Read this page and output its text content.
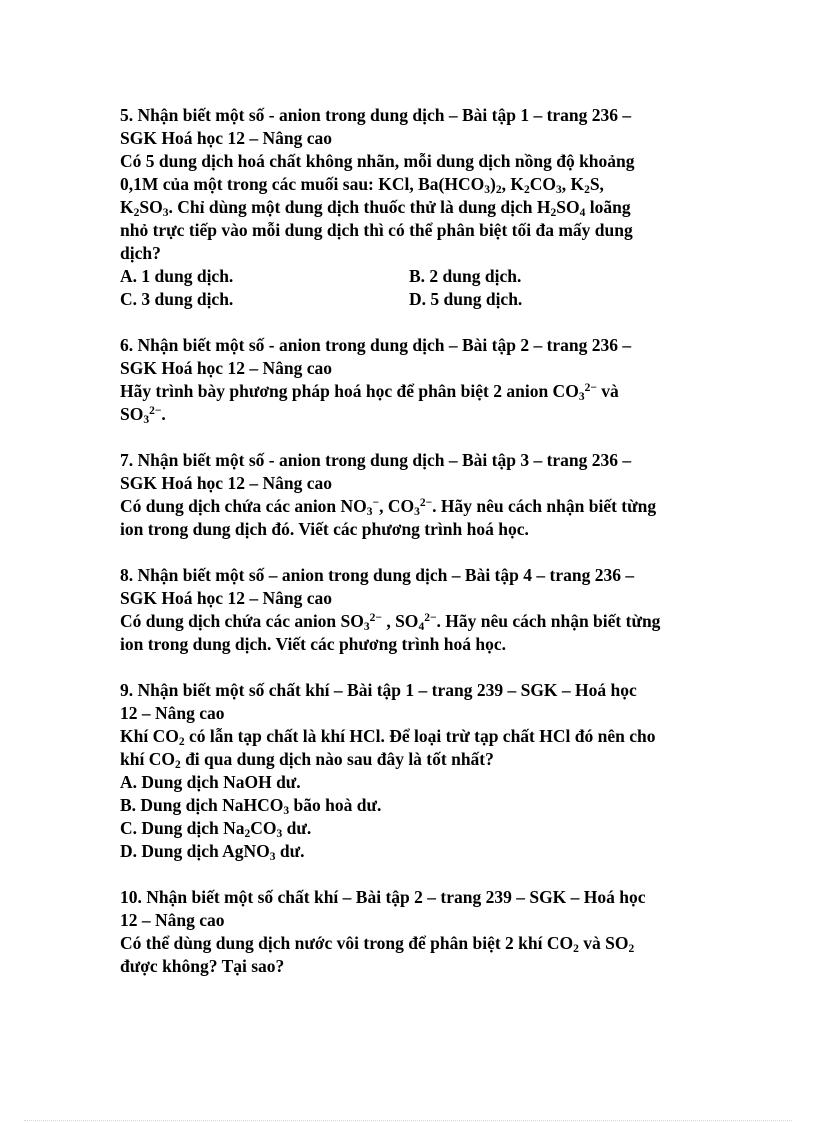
5. Nhận biết một số - anion trong dung dịch – Bài tập 1 – trang 236 –
SGK Hoá học 12 – Nâng cao

Có 5 dung dịch hoá chất không nhãn, mỗi dung dịch nồng độ khoảng
0,1M của một trong các muối sau: KCl, $Ba(HCO_3)_2$, $K_2CO_3$, $K_2S$,
$K_2SO_3$. Chỉ dùng một dung dịch thuốc thử là dung dịch $H_2SO_4$ loãng
nhỏ trực tiếp vào mỗi dung dịch thì có thể phân biệt tối đa mấy dung
dịch?

A. 1 dung dịch.	B. 2 dung dịch.
C. 3 dung dịch.	D. 5 dung dịch.

6. Nhận biết một số - anion trong dung dịch – Bài tập 2 – trang 236 –
SGK Hoá học 12 – Nâng cao

Hãy trình bày phương pháp hoá học để phân biệt 2 anion $CO_3^{2-}$ và
$SO_3^{2-}$.

7. Nhận biết một số - anion trong dung dịch – Bài tập 3 – trang 236 –
SGK Hoá học 12 – Nâng cao

Có dung dịch chứa các anion $NO_3^-$, $CO_3^{2-}$. Hãy nêu cách nhận biết từng
ion trong dung dịch đó. Viết các phương trình hoá học.

8. Nhận biết một số – anion trong dung dịch – Bài tập 4 – trang 236 –
SGK Hoá học 12 – Nâng cao

Có dung dịch chứa các anion $SO_3^{2-}$ , $SO_4^{2-}$. Hãy nêu cách nhận biết từng
ion trong dung dịch. Viết các phương trình hoá học.

9. Nhận biết một số chất khí – Bài tập 1 – trang 239 – SGK – Hoá học
12 – Nâng cao

Khí $CO_2$ có lẫn tạp chất là khí HCl. Để loại trừ tạp chất HCl đó nên cho
khí $CO_2$ đi qua dung dịch nào sau đây là tốt nhất?

A. Dung dịch NaOH dư.
B. Dung dịch NaHCO$_3$ bão hoà dư.
C. Dung dịch $Na_2CO_3$ dư.
D. Dung dịch AgNO$_3$ dư.

10. Nhận biết một số chất khí – Bài tập 2 – trang 239 – SGK – Hoá học
12 – Nâng cao

Có thể dùng dung dịch nước vôi trong để phân biệt 2 khí $CO_2$ và $SO_2$
được không? Tại sao?
